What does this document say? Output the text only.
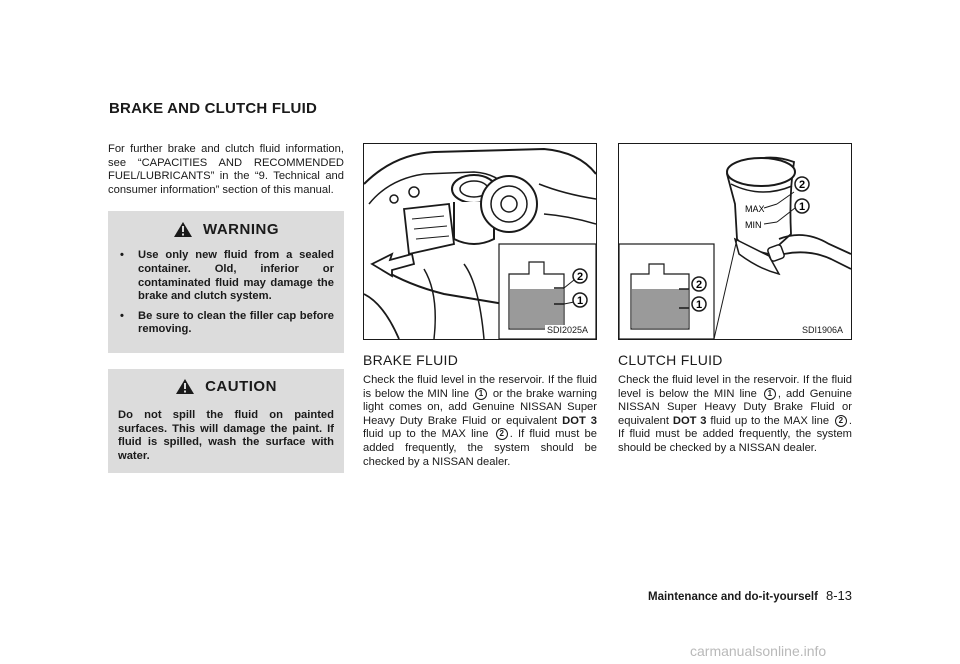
BRAKE AND CLUTCH FLUID

For further brake and clutch fluid information, see “CAPACITIES AND RECOMMENDED FUEL/LUBRICANTS” in the “9. Technical and consumer information” section of this manual.

WARNING
• Use only new fluid from a sealed container. Old, inferior or contaminated fluid may damage the brake and clutch system.
• Be sure to clean the filler cap before removing.
CAUTION

Do not spill the fluid on painted surfaces. This will damage the paint. If fluid is spilled, wash the surface with water.

2
1
SDI2025A
BRAKE FLUID

Check the fluid level in the reservoir. If the fluid is below the MIN line 1 or the brake warning light comes on, add Genuine NISSAN Super Heavy Duty Brake Fluid or equivalent DOT 3 fluid up to the MAX line 2 . If fluid must be added frequently, the system should be checked by a NISSAN dealer.

MAX
MIN
2
1
2
1
SDI1906A
CLUTCH FLUID

Check the fluid level in the reservoir. If the fluid level is below the MIN line 1 , add Genuine NISSAN Super Heavy Duty Brake Fluid or equivalent DOT 3 fluid up to the MAX line 2 . If fluid must be added frequently, the system should be checked by a NISSAN dealer.

Maintenance and do-it-yourself 8-13
carmanualsonline.info
